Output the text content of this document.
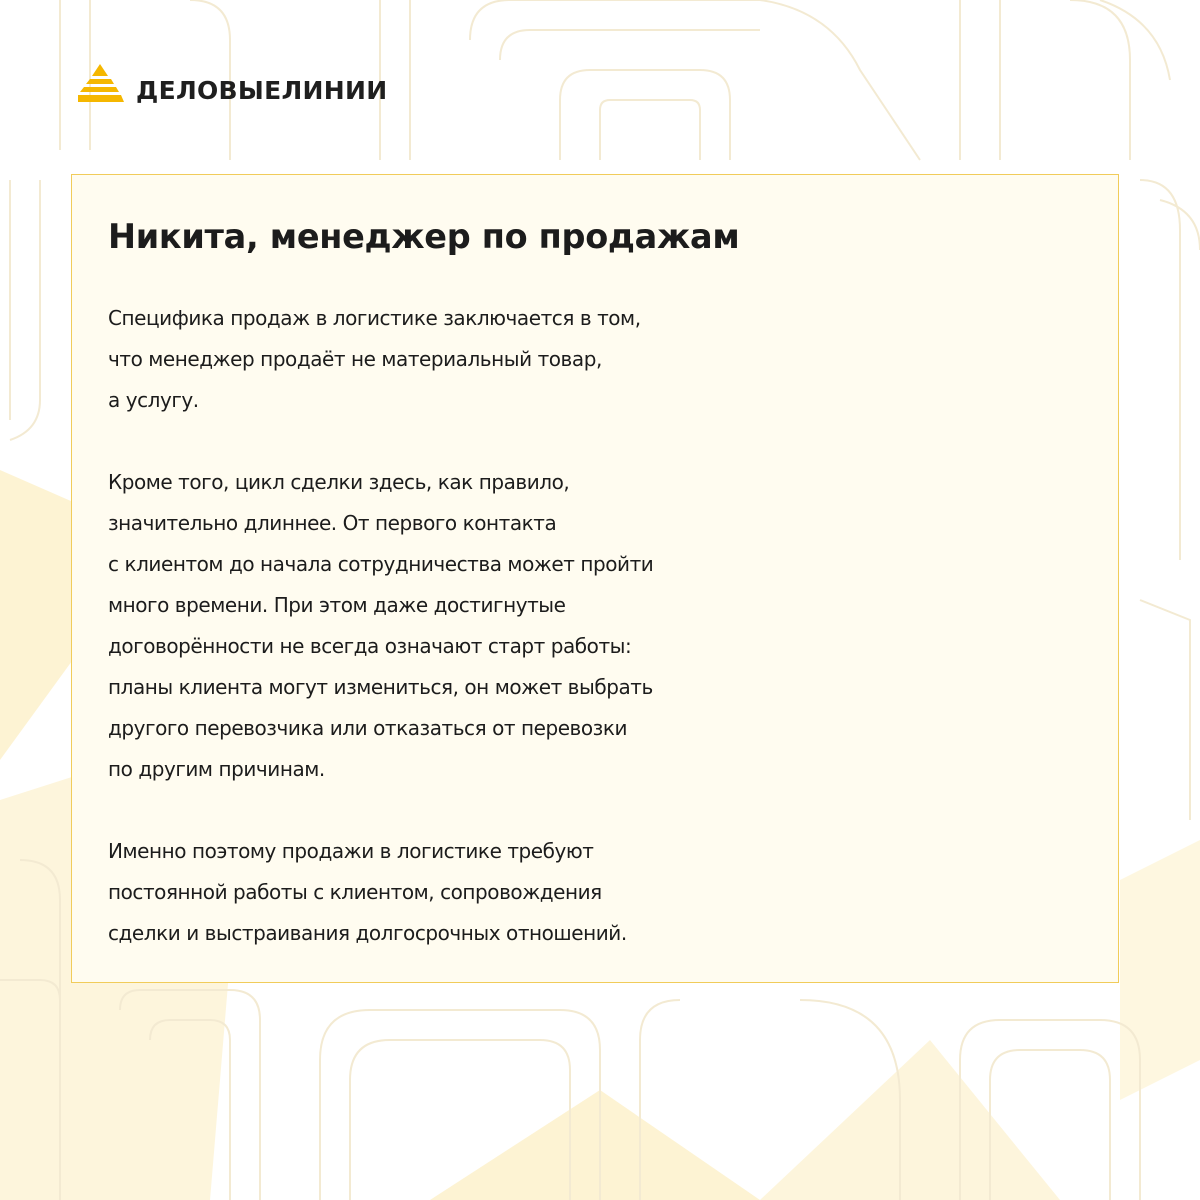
ДЕЛОВЫЕЛИНИИ
Никита, менеджер по продажам

Специфика продаж в логистике заключается в том,
что менеджер продаёт не материальный товар,
а услугу.

Кроме того, цикл сделки здесь, как правило,
значительно длиннее. От первого контакта
с клиентом до начала сотрудничества может пройти
много времени. При этом даже достигнутые
договорённости не всегда означают старт работы:
планы клиента могут измениться, он может выбрать
другого перевозчика или отказаться от перевозки
по другим причинам.

Именно поэтому продажи в логистике требуют
постоянной работы с клиентом, сопровождения
сделки и выстраивания долгосрочных отношений.
